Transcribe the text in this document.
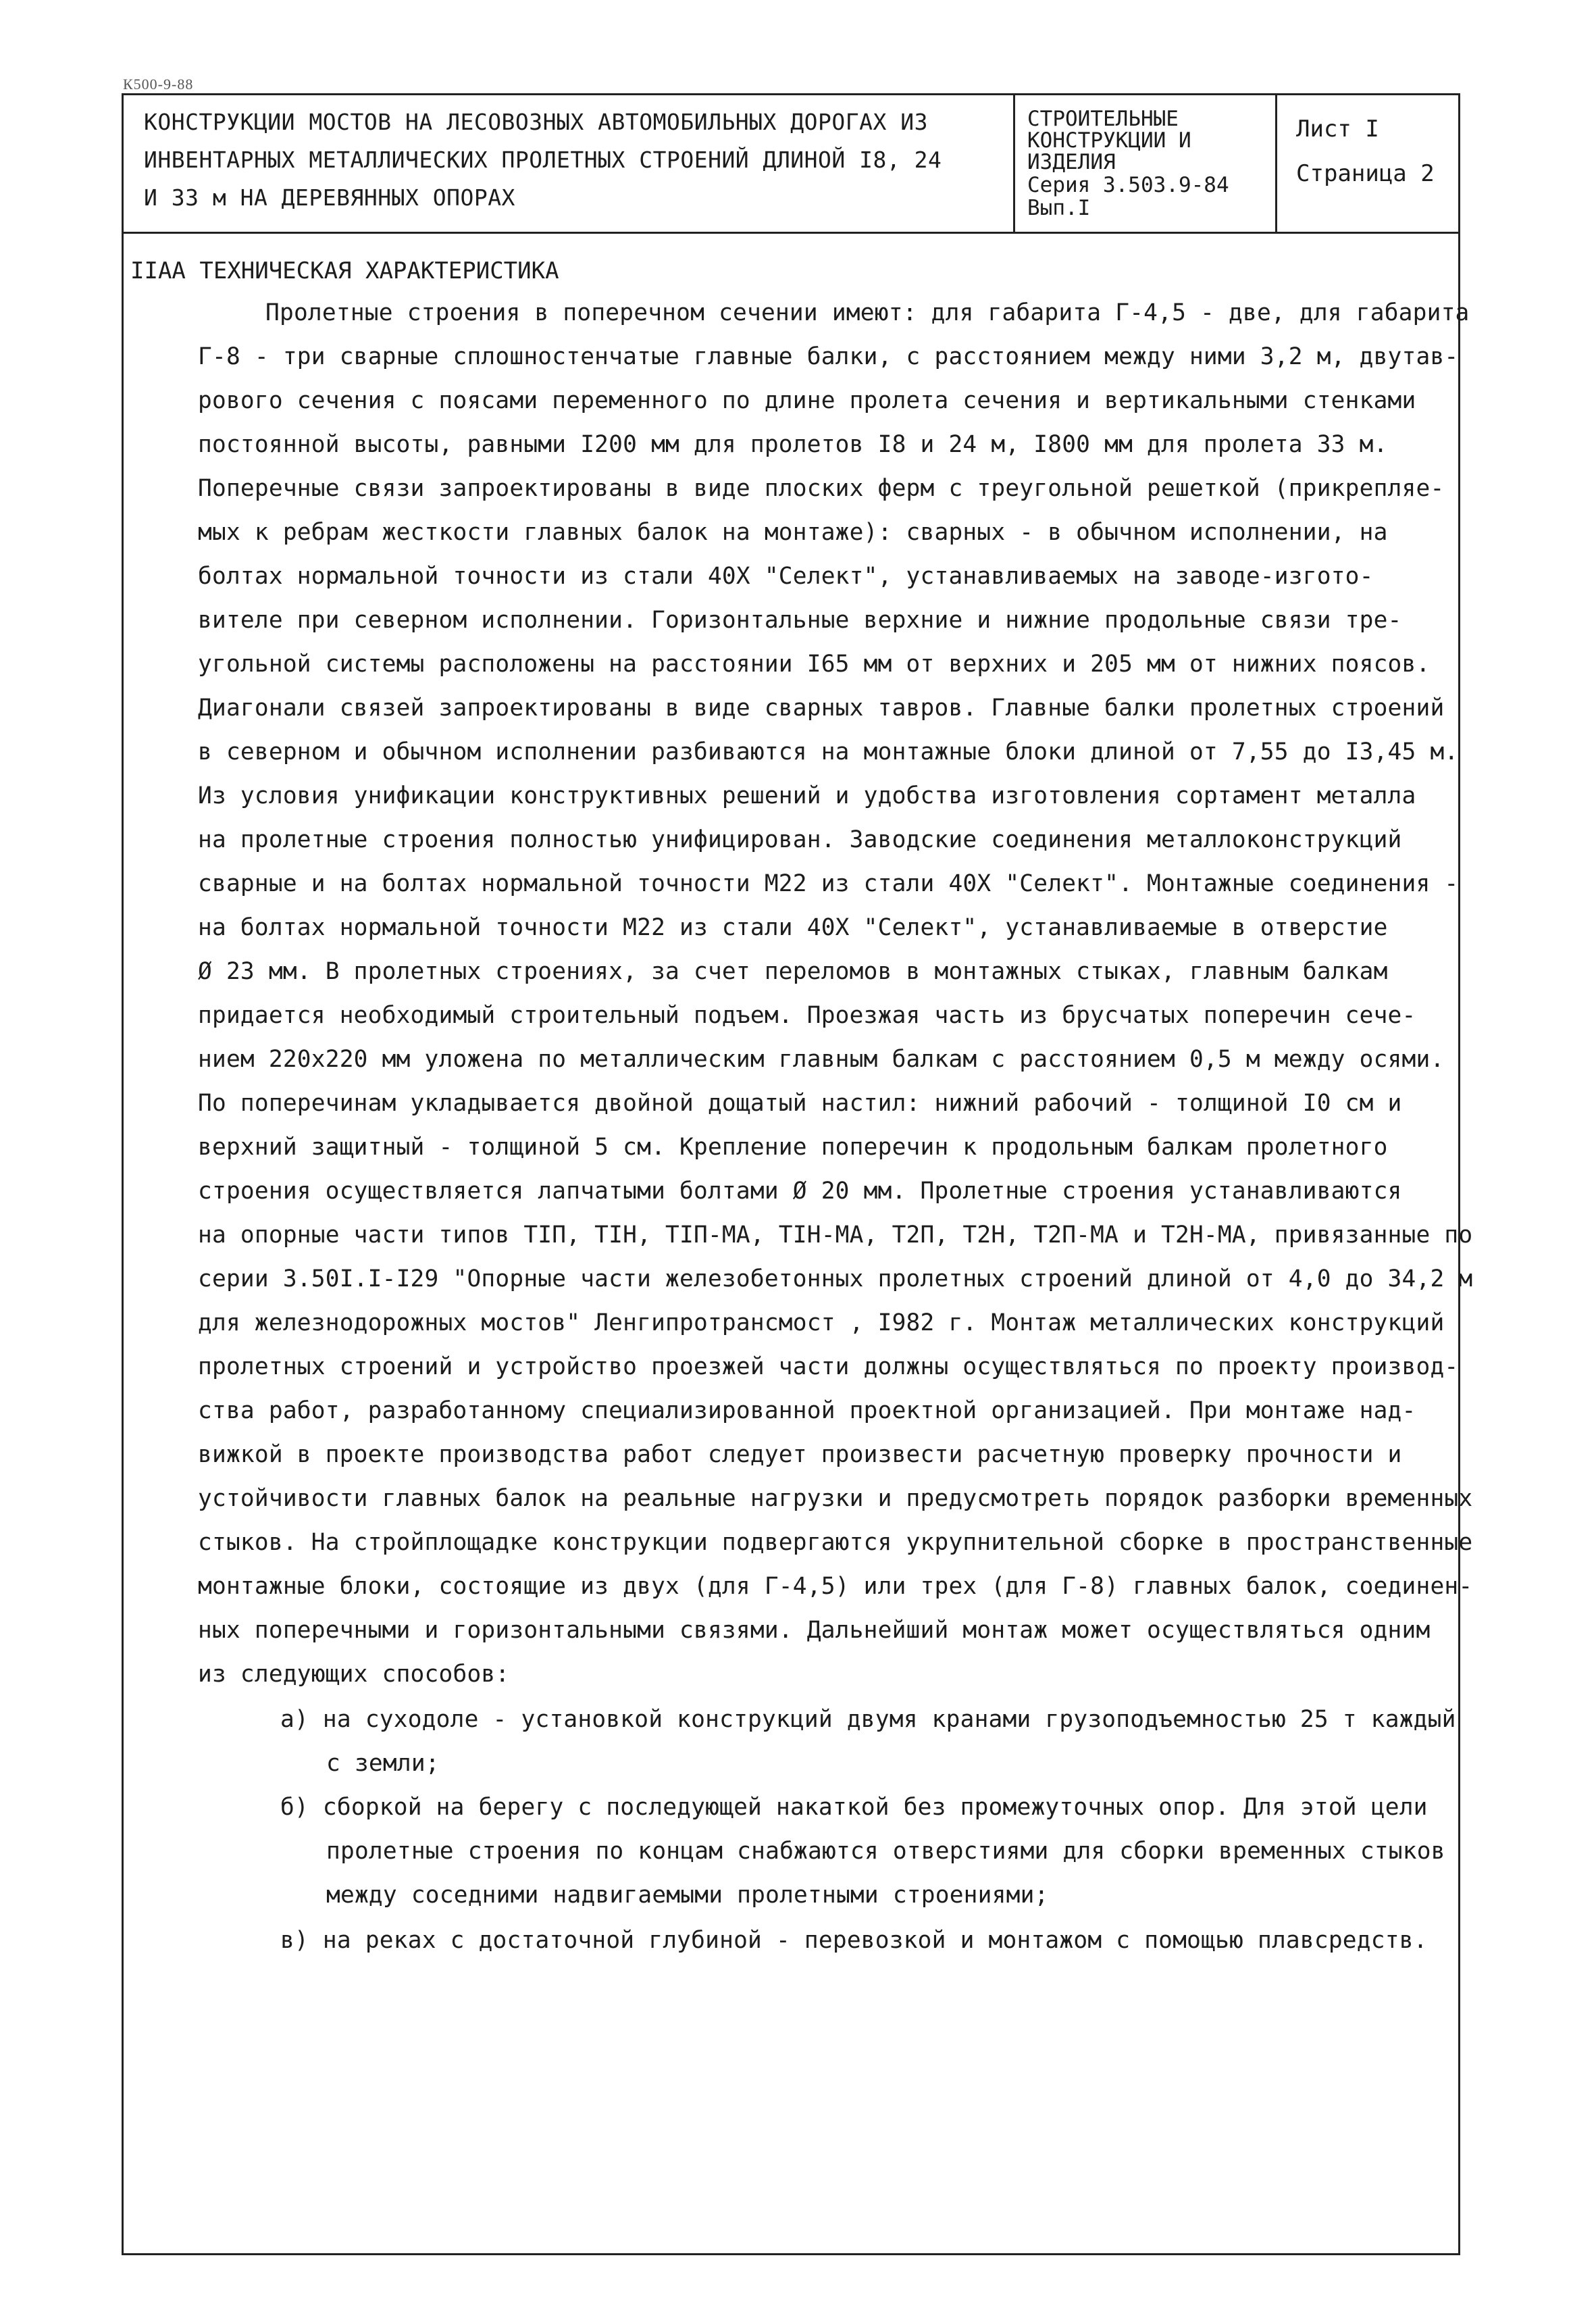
К500-9-88
КОНСТРУКЦИИ МОСТОВ НА ЛЕСОВОЗНЫХ АВТОМОБИЛЬНЫХ ДОРОГАХ ИЗ
ИНВЕНТАРНЫХ МЕТАЛЛИЧЕСКИХ ПРОЛЕТНЫХ СТРОЕНИЙ ДЛИНОЙ I8, 24
И 33 м НА ДЕРЕВЯННЫХ ОПОРАХ
СТРОИТЕЛЬНЫЕ
КОНСТРУКЦИИ И
ИЗДЕЛИЯ
Серия 3.503.9-84
Вып.I
Лист I
Страница 2
IIАА ТЕХНИЧЕСКАЯ ХАРАКТЕРИСТИКА
Пролетные строения в поперечном сечении имеют: для габарита Г-4,5 - две, для габарита
Г-8 - три сварные сплошностенчатые главные балки, с расстоянием между ними 3,2 м, двутав-
рового сечения с поясами переменного по длине пролета сечения и вертикальными стенками
постоянной высоты, равными I200 мм для пролетов I8 и 24 м, I800 мм для пролета 33 м.
Поперечные связи запроектированы в виде плоских ферм с треугольной решеткой (прикрепляе-
мых к ребрам жесткости главных балок на монтаже): сварных - в обычном исполнении, на
болтах нормальной точности из стали 40Х "Селект", устанавливаемых на заводе-изгото-
вителе при северном исполнении. Горизонтальные верхние и нижние продольные связи тре-
угольной системы расположены на расстоянии I65 мм от верхних и 205 мм от нижних поясов.
Диагонали связей запроектированы в виде сварных тавров. Главные балки пролетных строений
в северном и обычном исполнении разбиваются на монтажные блоки длиной от 7,55 до I3,45 м.
Из условия унификации конструктивных решений и удобства изготовления сортамент металла
на пролетные строения полностью унифицирован. Заводские соединения металлоконструкций
сварные и на болтах нормальной точности М22 из стали 40Х "Селект". Монтажные соединения -
на болтах нормальной точности М22 из стали 40Х "Селект", устанавливаемые в отверстие
Ø 23 мм. В пролетных строениях, за счет переломов в монтажных стыках, главным балкам
придается необходимый строительный подъем. Проезжая часть из брусчатых поперечин сече-
нием 220х220 мм уложена по металлическим главным балкам с расстоянием 0,5 м между осями.
По поперечинам укладывается двойной дощатый настил: нижний рабочий - толщиной I0 см и
верхний защитный - толщиной 5 см. Крепление поперечин к продольным балкам пролетного
строения осуществляется лапчатыми болтами Ø 20 мм. Пролетные строения устанавливаются
на опорные части типов ТIП, ТIН, ТIП-МА, ТIН-МА, Т2П, Т2Н, Т2П-МА и Т2Н-МА, привязанные по
серии 3.50I.I-I29 "Опорные части железобетонных пролетных строений длиной от 4,0 до 34,2 м
для железнодорожных мостов" Ленгипротрансмост , I982 г. Монтаж металлических конструкций
пролетных строений и устройство проезжей части должны осуществляться по проекту производ-
ства работ, разработанному специализированной проектной организацией. При монтаже над-
вижкой в проекте производства работ следует произвести расчетную проверку прочности и
устойчивости главных балок на реальные нагрузки и предусмотреть порядок разборки временных
стыков. На стройплощадке конструкции подвергаются укрупнительной сборке в пространственные
монтажные блоки, состоящие из двух (для Г-4,5) или трех (для Г-8) главных балок, соединен-
ных поперечными и горизонтальными связями. Дальнейший монтаж может осуществляться одним
из следующих способов:
а) на суходоле - установкой конструкций двумя кранами грузоподъемностью 25 т каждый
с земли;
б) сборкой на берегу с последующей накаткой без промежуточных опор. Для этой цели
пролетные строения по концам снабжаются отверстиями для сборки временных стыков
между соседними надвигаемыми пролетными строениями;
в) на реках с достаточной глубиной - перевозкой и монтажом с помощью плавсредств.
